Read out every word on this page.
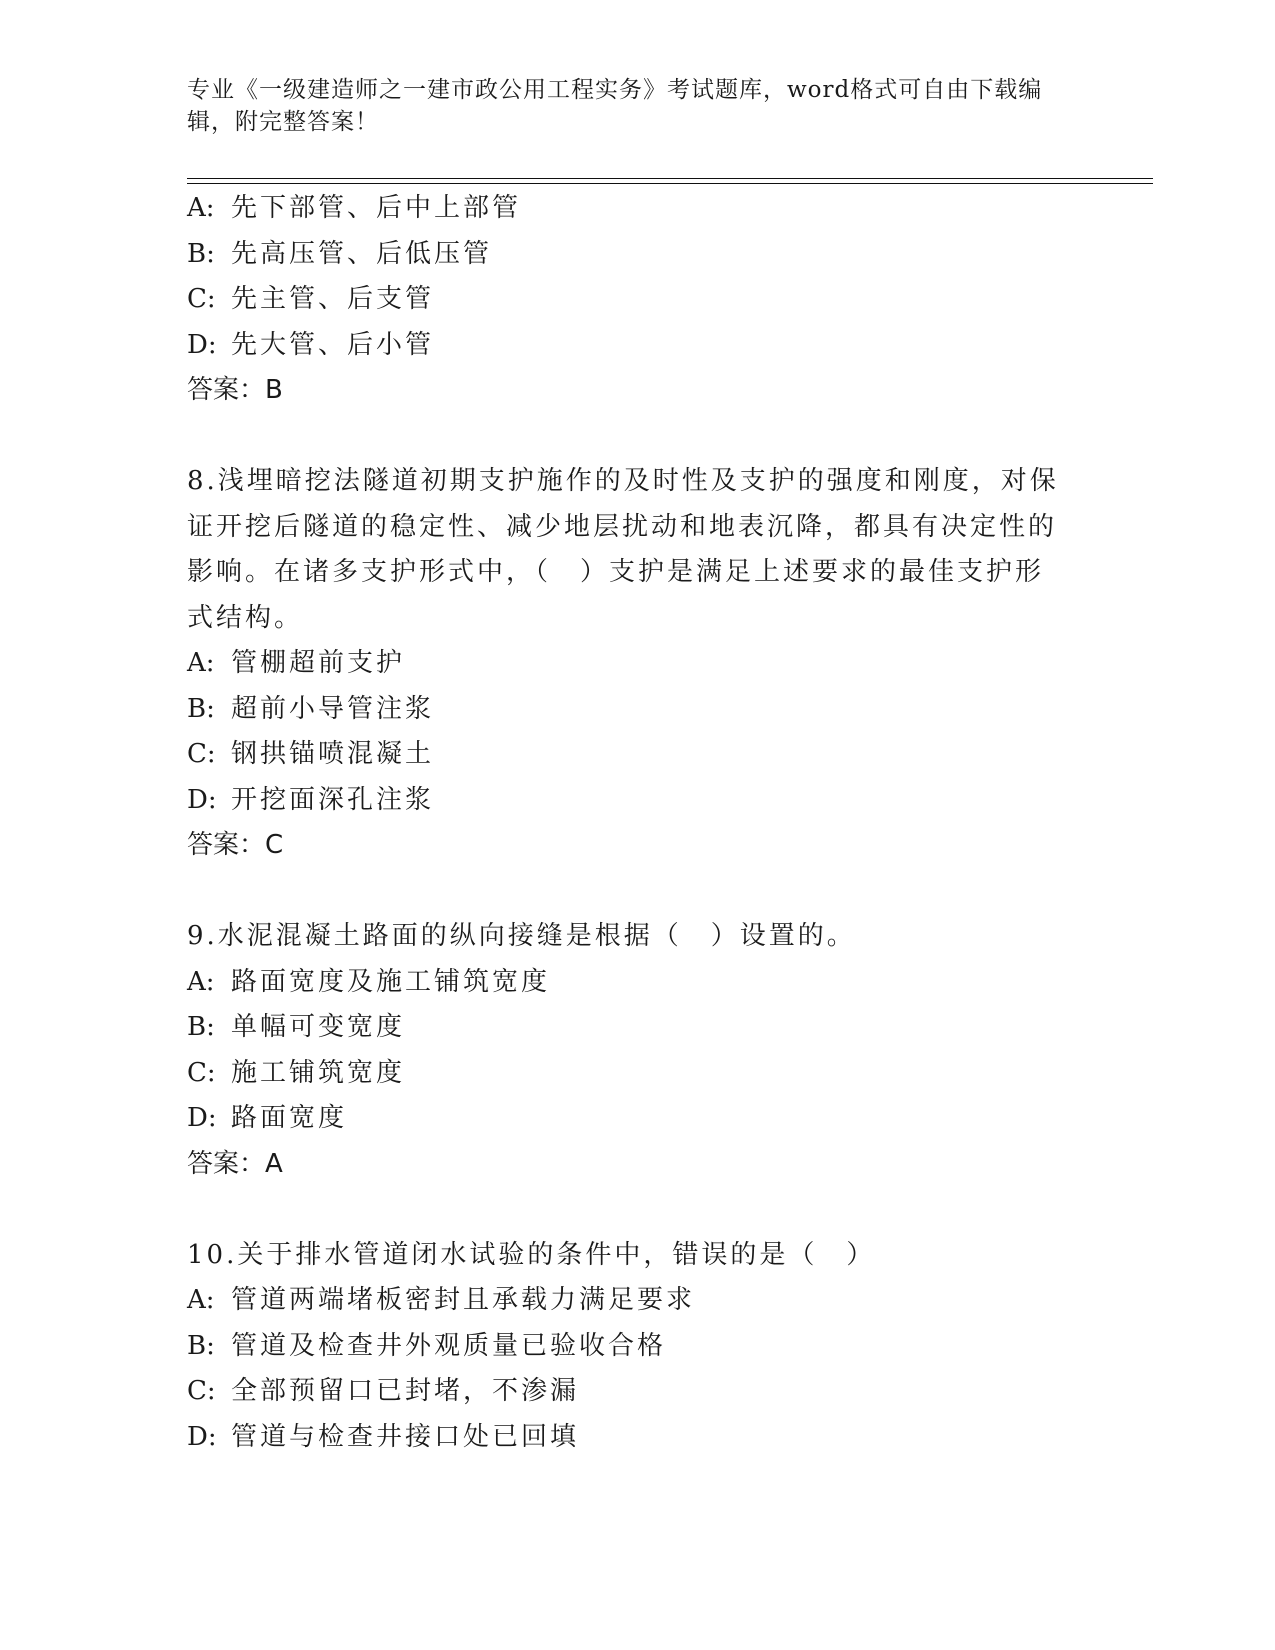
专业《一级建造师之一建市政公用工程实务》考试题库，word格式可自由下载编辑，附完整答案！
A: 先下部管、后中上部管
B: 先高压管、后低压管
C: 先主管、后支管
D: 先大管、后小管
答案：B
8.浅埋暗挖法隧道初期支护施作的及时性及支护的强度和刚度，对保
证开挖后隧道的稳定性、减少地层扰动和地表沉降，都具有决定性的
影响。在诸多支护形式中，（　）支护是满足上述要求的最佳支护形
式结构。
A: 管棚超前支护
B: 超前小导管注浆
C: 钢拱锚喷混凝土
D: 开挖面深孔注浆
答案：C
9.水泥混凝土路面的纵向接缝是根据（　）设置的。
A: 路面宽度及施工铺筑宽度
B: 单幅可变宽度
C: 施工铺筑宽度
D: 路面宽度
答案：A
10.关于排水管道闭水试验的条件中，错误的是（　）
A: 管道两端堵板密封且承载力满足要求
B: 管道及检查井外观质量已验收合格
C: 全部预留口已封堵，不渗漏
D: 管道与检查井接口处已回填
